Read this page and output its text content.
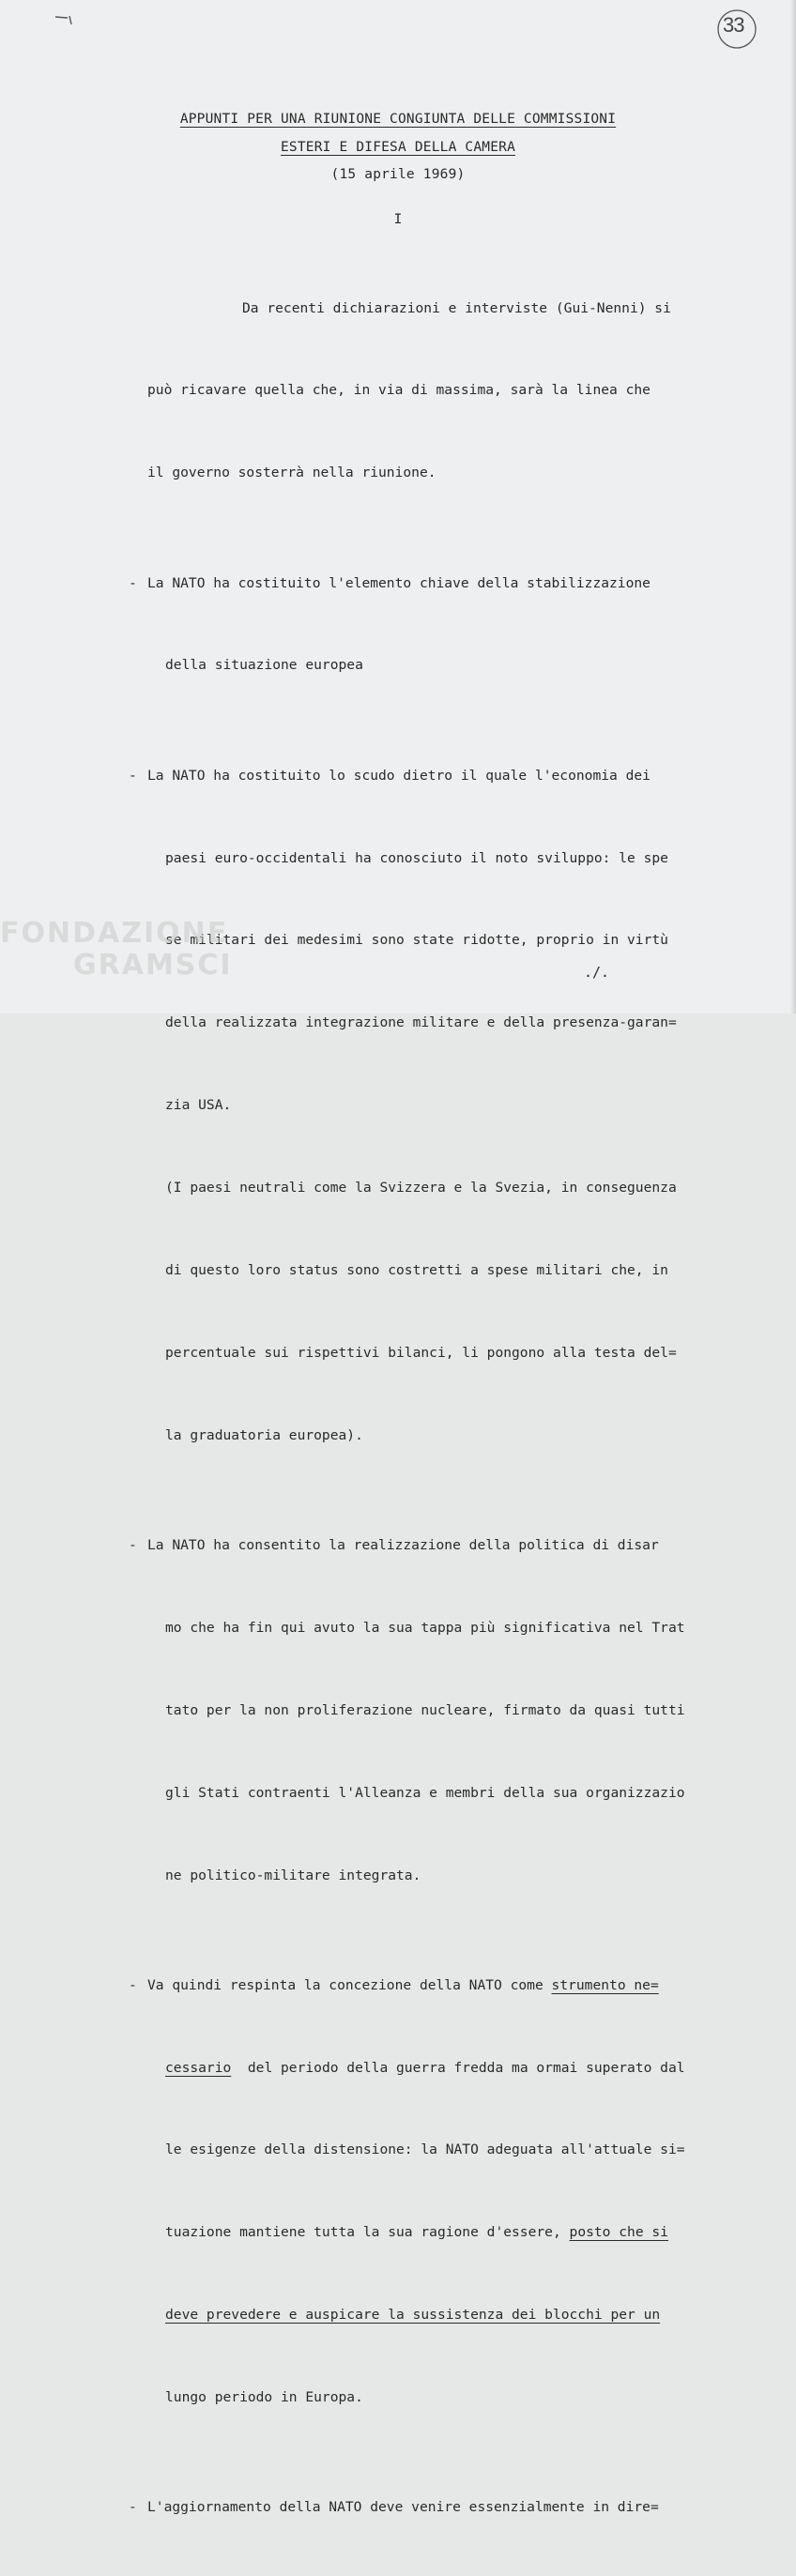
33
APPUNTI PER UNA RIUNIONE CONGIUNTA DELLE COMMISSIONI
ESTERI E DIFESA DELLA CAMERA
(15 aprile 1969)
I

Da recenti dichiarazioni e interviste (Gui-Nenni) si

può ricavare quella che, in via di massima, sarà la linea che

il governo sosterrà nella riunione.

- La NATO ha costituito l'elemento chiave della stabilizzazione

della situazione europea

- La NATO ha costituito lo scudo dietro il quale l'economia dei

paesi euro-occidentali ha conosciuto il noto sviluppo: le spe

se militari dei medesimi sono state ridotte, proprio in virtù

della realizzata integrazione militare e della presenza-garan=

zia USA.

(I paesi neutrali come la Svizzera e la Svezia, in conseguenza

di questo loro status sono costretti a spese militari che, in

percentuale sui rispettivi bilanci, li pongono alla testa del=

la graduatoria europea).

- La NATO ha consentito la realizzazione della politica di disar

mo che ha fin qui avuto la sua tappa più significativa nel Trat

tato per la non proliferazione nucleare, firmato da quasi tutti

gli Stati contraenti l'Alleanza e membri della sua organizzazio

ne politico-militare integrata.

- Va quindi respinta la concezione della NATO come strumento ne=

cessario  del periodo della guerra fredda ma ormai superato dal

le esigenze della distensione: la NATO adeguata all'attuale si=

tuazione mantiene tutta la sua ragione d'essere, posto che si

deve prevedere e auspicare la sussistenza dei blocchi per un

lungo periodo in Europa.

- L'aggiornamento della NATO deve venire essenzialmente in dire=

./.
FONDAZIONE
GRAMSCI
